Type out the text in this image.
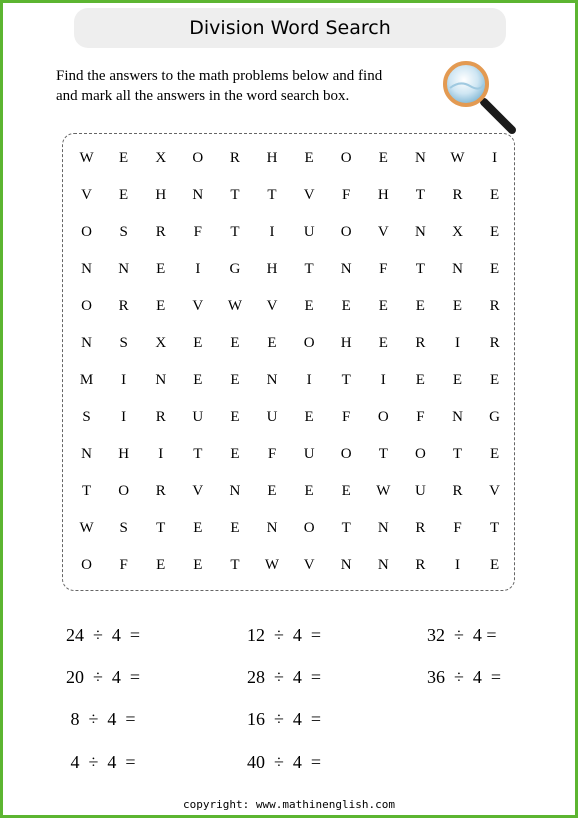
Division Word Search
Find the answers to the math problems below and find
and mark all the answers in the word search box.
W	E	X	O	R	H	E	O	E	N	W	I
V	E	H	N	T	T	V	F	H	T	R	E
O	S	R	F	T	I	U	O	V	N	X	E
N	N	E	I	G	H	T	N	F	T	N	E
O	R	E	V	W	V	E	E	E	E	E	R
N	S	X	E	E	E	O	H	E	R	I	R
M	I	N	E	E	N	I	T	I	E	E	E
S	I	R	U	E	U	E	F	O	F	N	G
N	H	I	T	E	F	U	O	T	O	T	E
T	O	R	V	N	E	E	E	W	U	R	V
W	S	T	E	E	N	O	T	N	R	F	T
O	F	E	E	T	W	V	N	N	R	I	E
24  ÷  4  =	12  ÷  4  =	32  ÷  4 =
20  ÷  4  =	28  ÷  4  =	36  ÷  4  =
8  ÷  4  =	16  ÷  4  =
4  ÷  4  =	40  ÷  4  =
copyright: www.mathinenglish.com
